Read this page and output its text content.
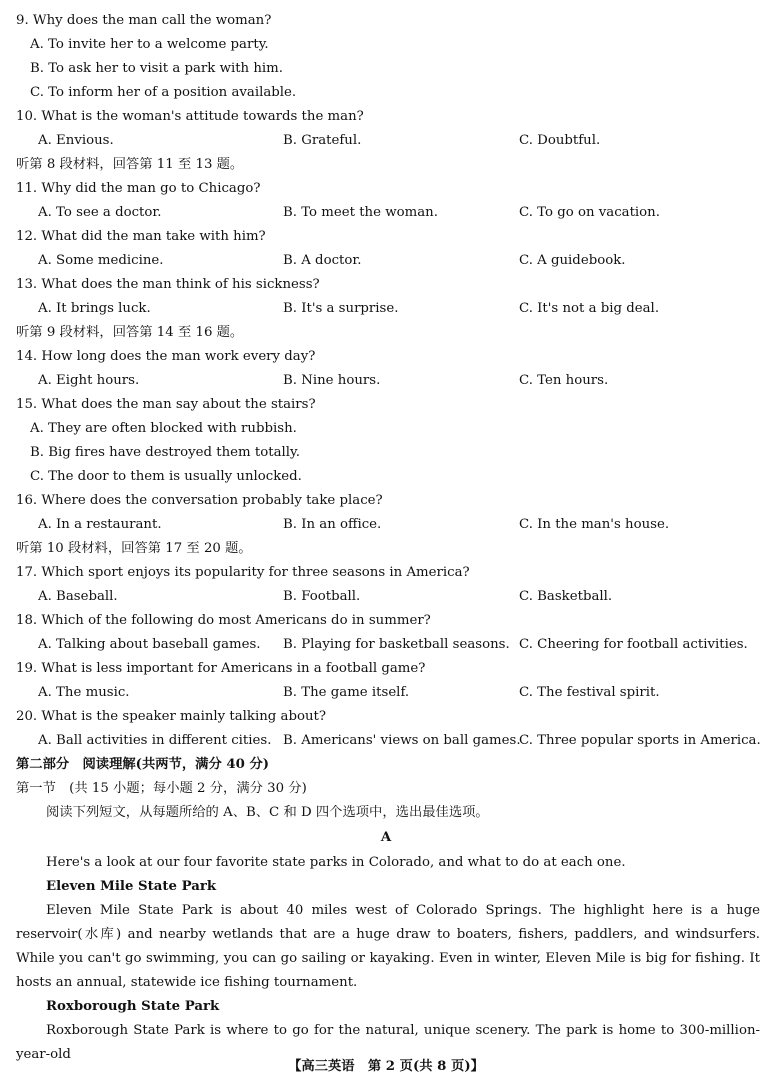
9. Why does the man call the woman?
A. To invite her to a welcome party.
B. To ask her to visit a park with him.
C. To inform her of a position available.
10. What is the woman's attitude towards the man?
A. Envious.	B. Grateful.	C. Doubtful.
听第 8 段材料，回答第 11 至 13 题。
11. Why did the man go to Chicago?
A. To see a doctor.	B. To meet the woman.	C. To go on vacation.
12. What did the man take with him?
A. Some medicine.	B. A doctor.	C. A guidebook.
13. What does the man think of his sickness?
A. It brings luck.	B. It's a surprise.	C. It's not a big deal.
听第 9 段材料，回答第 14 至 16 题。
14. How long does the man work every day?
A. Eight hours.	B. Nine hours.	C. Ten hours.
15. What does the man say about the stairs?
A. They are often blocked with rubbish.
B. Big fires have destroyed them totally.
C. The door to them is usually unlocked.
16. Where does the conversation probably take place?
A. In a restaurant.	B. In an office.	C. In the man's house.
听第 10 段材料，回答第 17 至 20 题。
17. Which sport enjoys its popularity for three seasons in America?
A. Baseball.	B. Football.	C. Basketball.
18. Which of the following do most Americans do in summer?
A. Talking about baseball games. B. Playing for basketball seasons. C. Cheering for football activities.
19. What is less important for Americans in a football game?
A. The music.	B. The game itself.	C. The festival spirit.
20. What is the speaker mainly talking about?
A. Ball activities in different cities. B. Americans' views on ball games.
C. Three popular sports in America.
第二部分　阅读理解(共两节，满分 40 分)
第一节　(共 15 小题；每小题 2 分，满分 30 分)
阅读下列短文，从每题所给的 A、B、C 和 D 四个选项中，选出最佳选项。
A
Here's a look at our four favorite state parks in Colorado, and what to do at each one.
Eleven Mile State Park
Eleven Mile State Park is about 40 miles west of Colorado Springs. The highlight here is a huge reservoir(水库) and nearby wetlands that are a huge draw to boaters, fishers, paddlers, and windsurfers. While you can't go swimming, you can go sailing or kayaking. Even in winter, Eleven Mile is big for fishing. It hosts an annual, statewide ice fishing tournament.
Roxborough State Park
Roxborough State Park is where to go for the natural, unique scenery. The park is home to 300-million-year-old
【高三英语　第 2 页(共 8 页)】
